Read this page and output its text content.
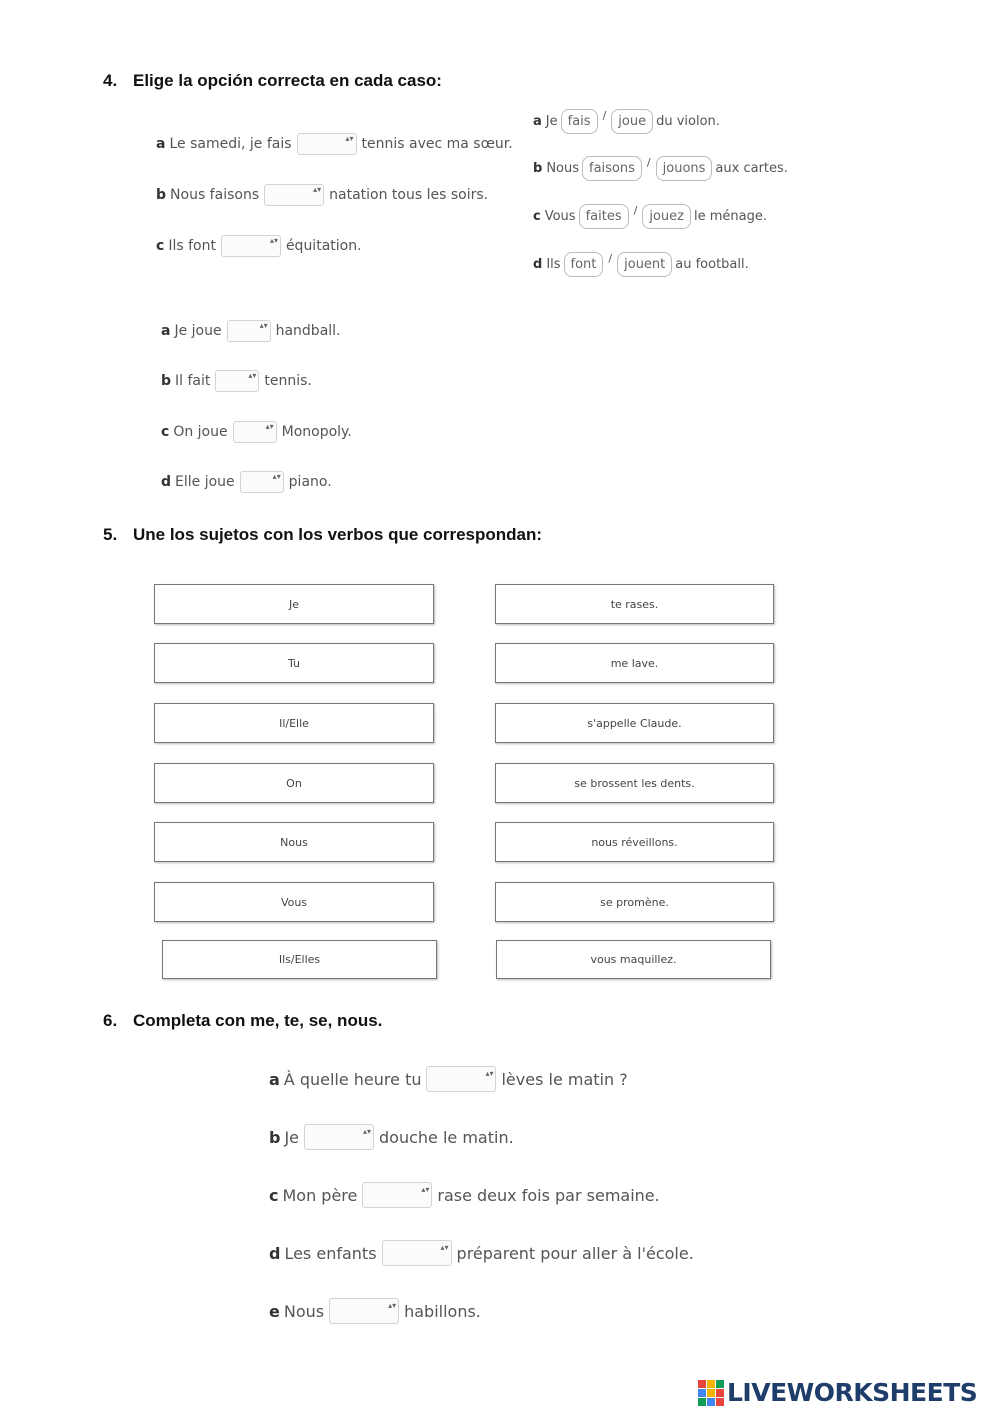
4. Elige la opción correcta en cada caso:
a Le samedi, je fais ▴▾	tennis avec ma sœur.
b Nous faisons ▴▾	natation tous les soirs.
c Ils font ▴▾	équitation.
a Je fais	/ joue du violon.
b Nous faisons	/ jouons aux cartes.
c Vous faites	/ jouez le ménage.
d Ils font	/ jouent au football.
a Je joue ▴▾	handball.
b Il fait ▴▾	tennis.
c On joue ▴▾	Monopoly.
d Elle joue ▴▾	piano.
5. Une los sujetos con los verbos que correspondan:
Je
Tu
Il/Elle
On
Nous
Vous
Ils/Elles
te rases.
me lave.
s'appelle Claude.
se brossent les dents.
nous réveillons.
se promène.
vous maquillez.
6. Completa con me, te, se, nous.
a À quelle heure tu ▴▾	lèves le matin ?
b Je ▴▾	douche le matin.
c Mon père ▴▾	rase deux fois par semaine.
d Les enfants ▴▾	préparent pour aller à l'école.
e Nous ▴▾	habillons.
LIVEWORKSHEETS
